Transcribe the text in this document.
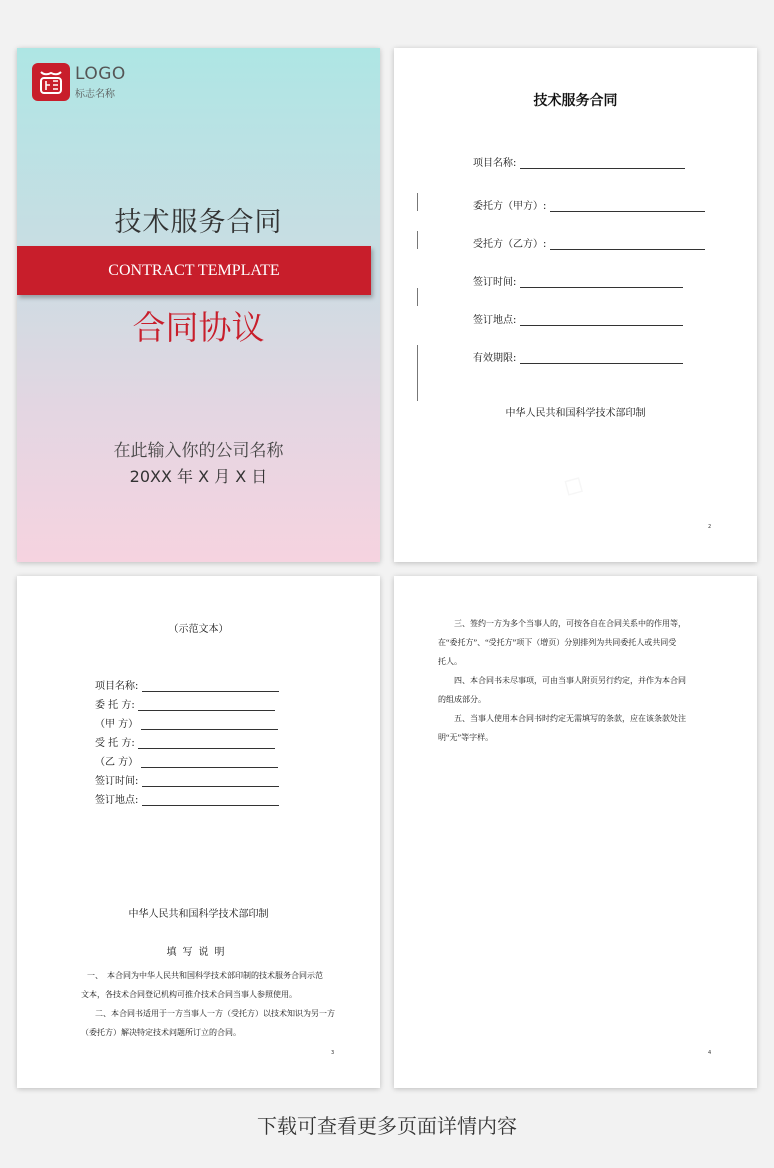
LOGO
标志名称
技术服务合同
CONTRACT TEMPLATE
合同协议
在此输入你的公司名称
20XX 年 X 月 X 日
技术服务合同
项目名称:
委托方（甲方）:
受托方（乙方）:
签订时间:
签订地点:
有效期限:
中华人民共和国科学技术部印制
2
（示范文本）
项目名称:
委 托 方:
（甲 方）
受 托 方:
（乙 方）
签订时间:
签订地点:
中华人民共和国科学技术部印制
填写说明
一、　本合同为中华人民共和国科学技术部印制的技术服务合同示范
文本，各技术合同登记机构可推介技术合同当事人参照使用。
二、本合同书适用于一方当事人一方（受托方）以技术知识为另一方
（委托方）解决特定技术问题所订立的合同。
3
三、签约一方为多个当事人的，可按各自在合同关系中的作用等，
在“委托方”、“受托方”项下（增页）分别排列为共同委托人或共同受
托人。
四、本合同书未尽事项，可由当事人附页另行约定，并作为本合同
的组成部分。
五、当事人使用本合同书时约定无需填写的条款，应在该条款处注
明“无”等字样。
4
下载可查看更多页面详情内容
